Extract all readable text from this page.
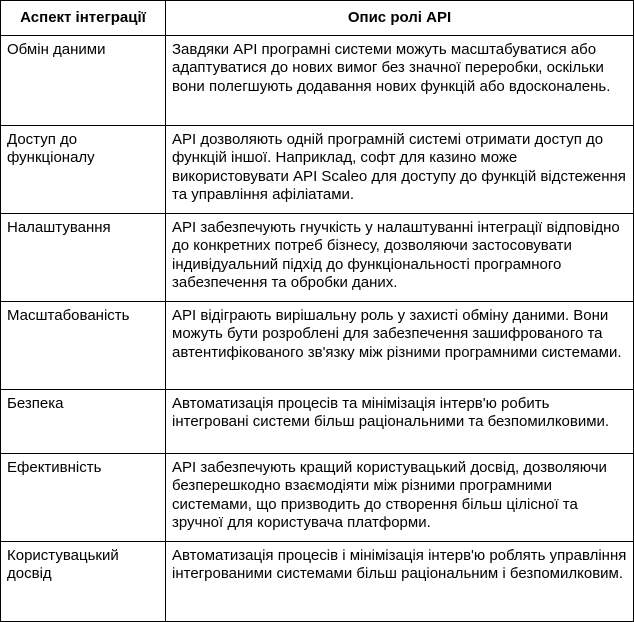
Аспект інтеграції	Опис ролі API
Обмін даними	Завдяки API програмні системи можуть масштабуватися або адаптуватися до нових вимог без значної переробки, оскільки вони полегшують додавання нових функцій або вдосконалень.
Доступ до функціоналу	API дозволяють одній програмній системі отримати доступ до функцій іншої. Наприклад, софт для казино може використовувати API Scaleo для доступу до функцій відстеження та управління афіліатами.
Налаштування	API забезпечують гнучкість у налаштуванні інтеграції відповідно до конкретних потреб бізнесу, дозволяючи застосовувати індивідуальний підхід до функціональності програмного забезпечення та обробки даних.
Масштабованість	API відіграють вирішальну роль у захисті обміну даними. Вони можуть бути розроблені для забезпечення зашифрованого та автентифікованого зв'язку між різними програмними системами.
Безпека	Автоматизація процесів та мінімізація інтерв'ю робить інтегровані системи більш раціональними та безпомилковими.
Ефективність	API забезпечують кращий користувацький досвід, дозволяючи безперешкодно взаємодіяти між різними програмними системами, що призводить до створення більш цілісної та зручної для користувача платформи.
Користувацький досвід	Автоматизація процесів і мінімізація інтерв'ю роблять управління інтегрованими системами більш раціональним і безпомилковим.
